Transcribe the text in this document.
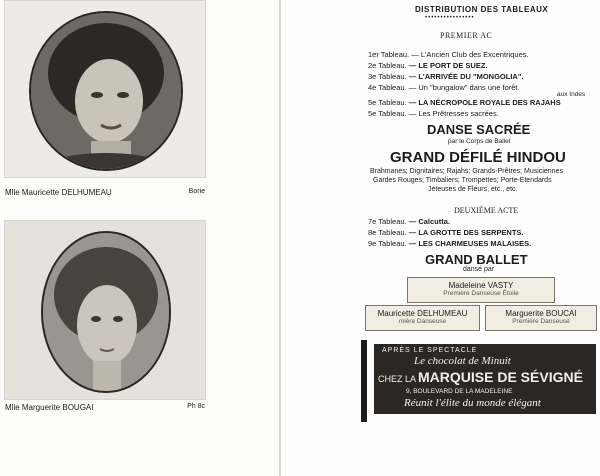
Mlle Mauricette DELHUMEAU	Borie
Mlle Marguerite BOUGAI	Ph 8c
DISTRIBUTION DES TABLEAUX
••••••••••••••••
PREMIER AC
1er Tableau. — L'Ancien Club des Excentriques.
2e Tableau. — LE PORT DE SUEZ.
3e Tableau. — L'ARRIVÉE DU "MONGOLIA".
4e Tableau. — Un "bungalow" dans une forêt.
aux Indes
5e Tableau. — LA NÉCROPOLE ROYALE DES RAJAHS
5e Tableau. — Les Prêtresses sacrées.
DANSE SACRÉE
par le Corps de Ballet
GRAND DÉFILÉ HINDOU
Brahmanes; Dignitaires; Rajahs; Grands-Prêtres; Musiciennes
Gardes Rouges; Timbaliers; Trompettes; Porte-Etendards
Jeteuses de Fleurs, etc., etc.
DEUXIÈME ACTE
7e Tableau. — Calcutta.
8e Tableau. — LA GROTTE DES SERPENTS.
9e Tableau. — LES CHARMEUSES MALAISES.
GRAND BALLET
dansé par
Madeleine VASTY
Première Danseuse Étoile
Mauricette DELHUMEAU
mière Danseuse
Marguerite BOUCAI
Première Danseuse
APRÈS LE SPECTACLE
Le chocolat de Minuit
CHEZ LA MARQUISE DE SÉVIGNÉ
9, BOULEVARD DE LA MADELEINE
Réunit l'élite du monde élégant
